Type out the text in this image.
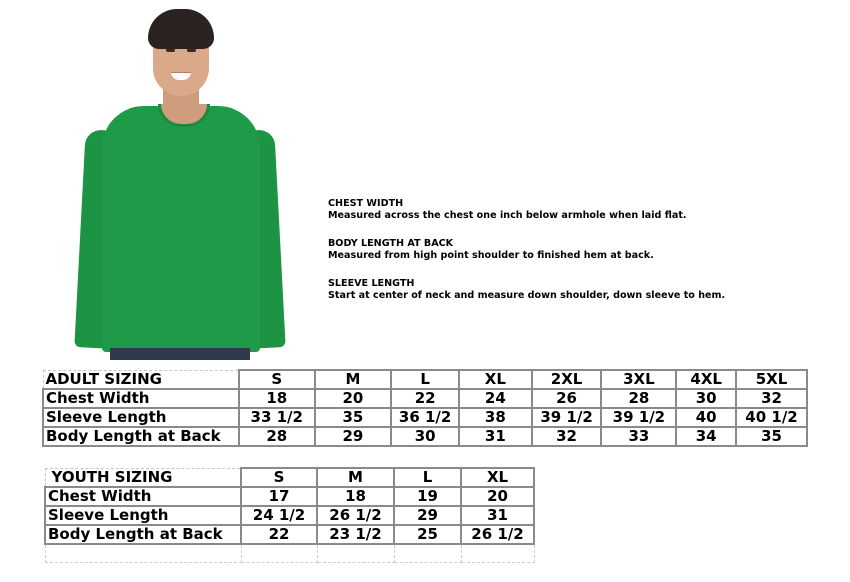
CHEST WIDTH
Measured across the chest one inch below armhole when laid flat.
BODY LENGTH AT BACK
Measured from high point shoulder to finished hem at back.
SLEEVE LENGTH
Start at center of neck and measure down shoulder, down sleeve to hem.
ADULT SIZING	S	M	L	XL	2XL	3XL	4XL	5XL
Chest Width	18	20	22	24	26	28	30	32
Sleeve Length	33 1/2	35	36 1/2	38	39 1/2	39 1/2	40	40 1/2
Body Length at Back	28	29	30	31	32	33	34	35
YOUTH SIZING	S	M	L	XL
Chest Width	17	18	19	20
Sleeve Length	24 1/2	26 1/2	29	31
Body Length at Back	22	23 1/2	25	26 1/2
